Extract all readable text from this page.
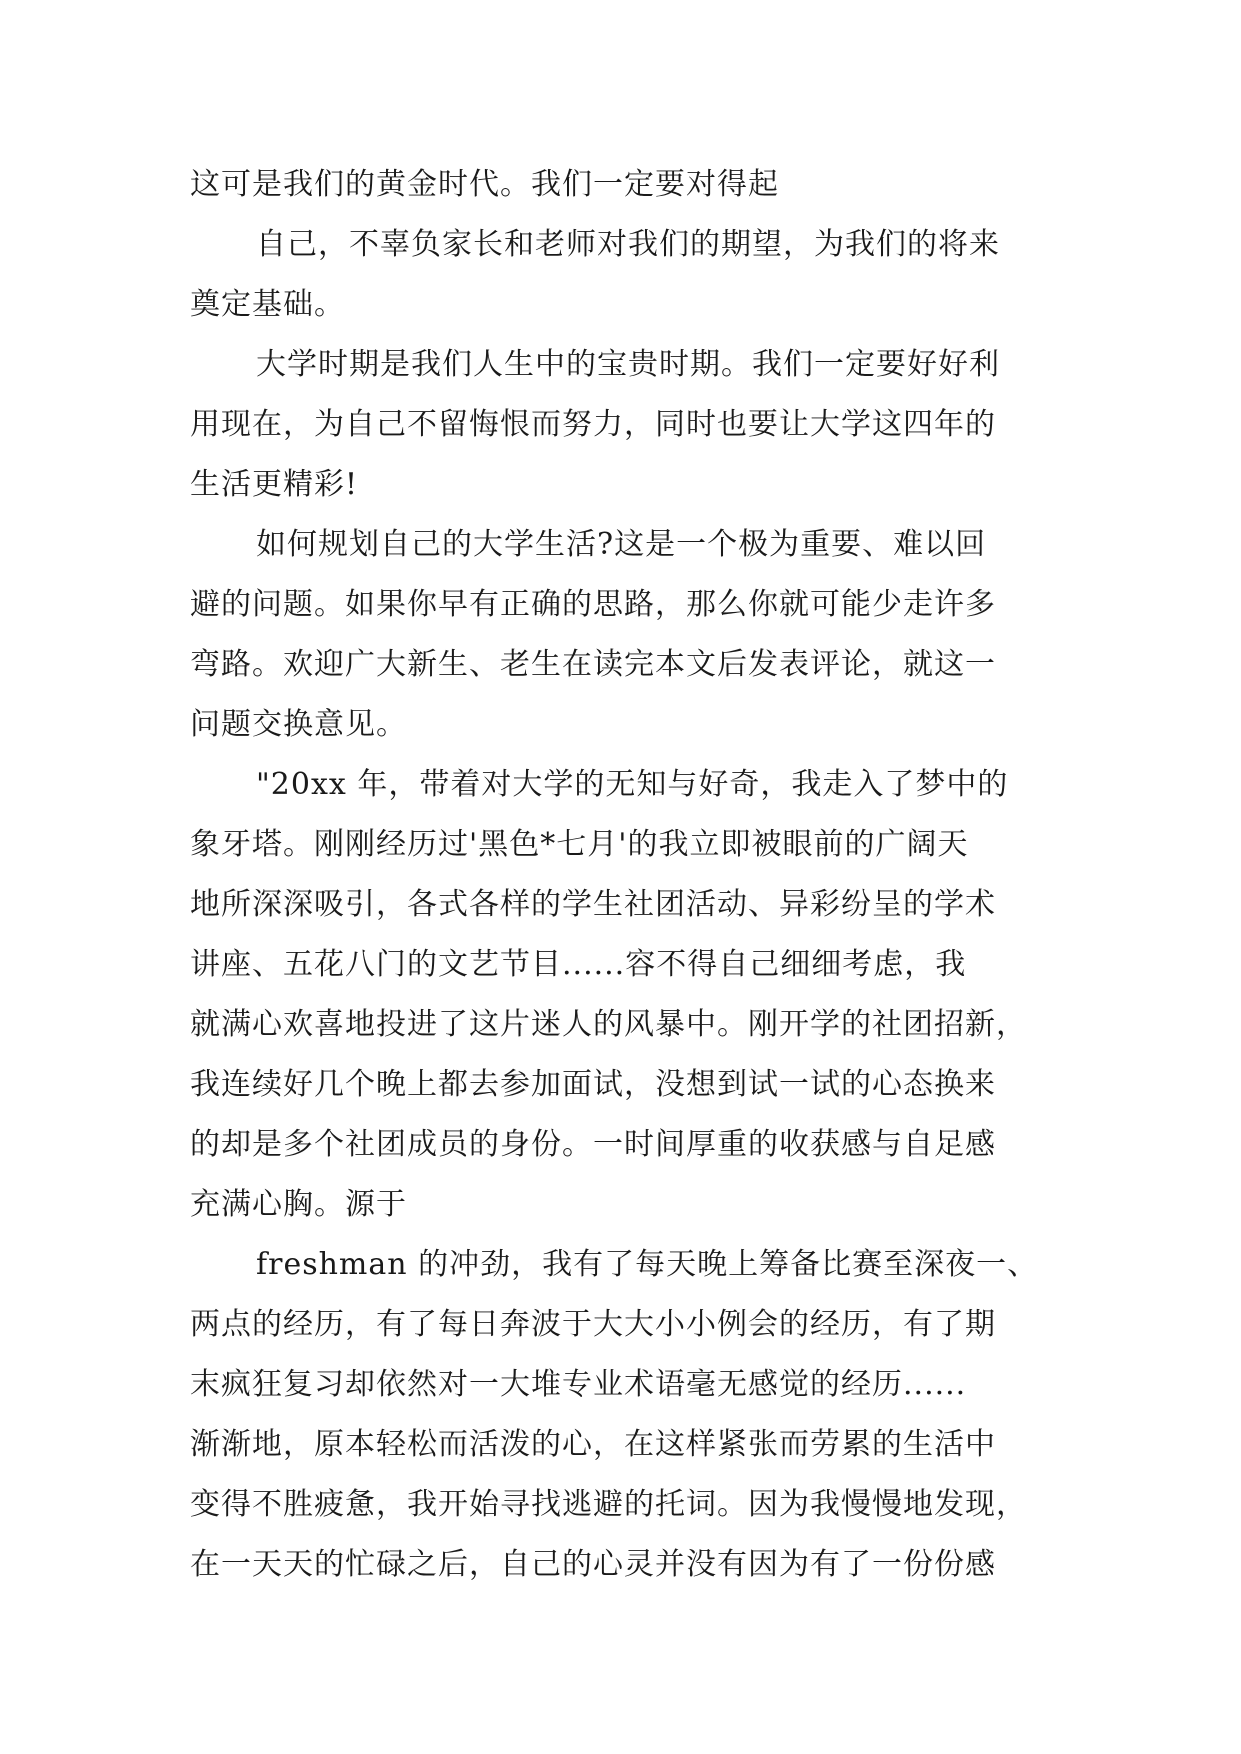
这可是我们的黄金时代。我们一定要对得起
自己，不辜负家长和老师对我们的期望，为我们的将来
奠定基础。
大学时期是我们人生中的宝贵时期。我们一定要好好利
用现在，为自己不留悔恨而努力，同时也要让大学这四年的
生活更精彩!
如何规划自己的大学生活?这是一个极为重要、难以回
避的问题。如果你早有正确的思路，那么你就可能少走许多
弯路。欢迎广大新生、老生在读完本文后发表评论，就这一
问题交换意见。
"20xx 年，带着对大学的无知与好奇，我走入了梦中的
象牙塔。刚刚经历过'黑色*七月'的我立即被眼前的广阔天
地所深深吸引，各式各样的学生社团活动、异彩纷呈的学术
讲座、五花八门的文艺节目......容不得自己细细考虑，我
就满心欢喜地投进了这片迷人的风暴中。刚开学的社团招新，
我连续好几个晚上都去参加面试，没想到试一试的心态换来
的却是多个社团成员的身份。一时间厚重的收获感与自足感
充满心胸。源于
freshman 的冲劲，我有了每天晚上筹备比赛至深夜一、
两点的经历，有了每日奔波于大大小小例会的经历，有了期
末疯狂复习却依然对一大堆专业术语毫无感觉的经历......
渐渐地，原本轻松而活泼的心，在这样紧张而劳累的生活中
变得不胜疲惫，我开始寻找逃避的托词。因为我慢慢地发现，
在一天天的忙碌之后，自己的心灵并没有因为有了一份份感
